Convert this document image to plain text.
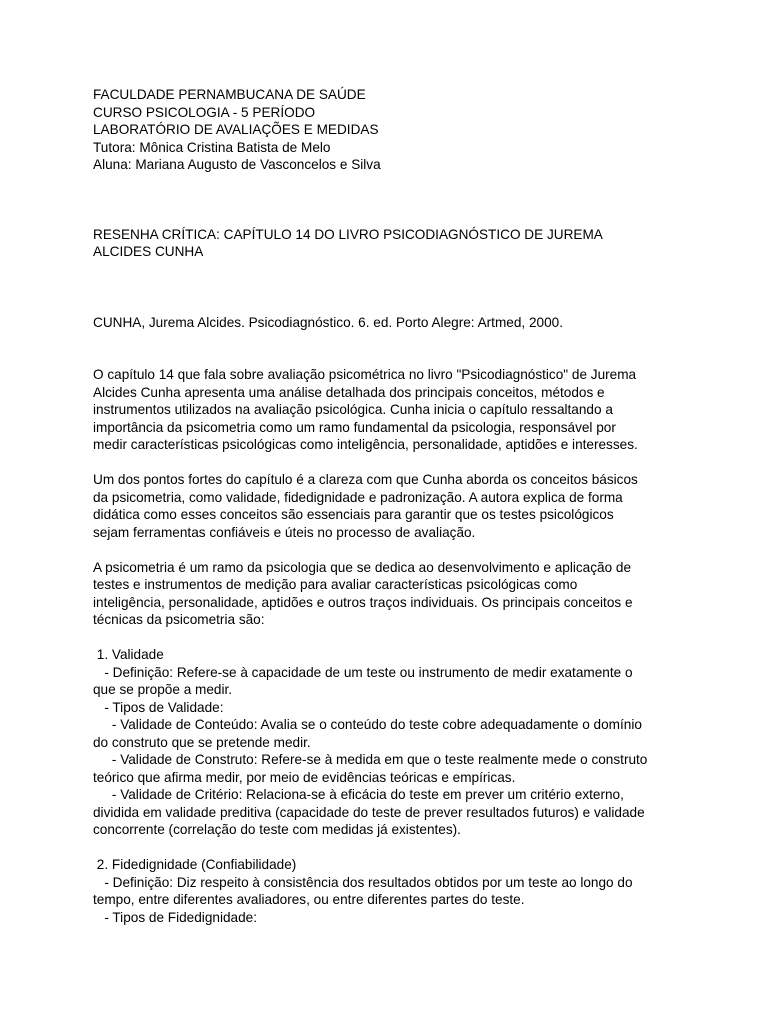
FACULDADE PERNAMBUCANA DE SAÚDE
CURSO PSICOLOGIA - 5 PERÍODO
LABORATÓRIO DE AVALIAÇÕES E MEDIDAS
Tutora: Mônica Cristina Batista de Melo
Aluna: Mariana Augusto de Vasconcelos e Silva
RESENHA CRÍTICA: CAPÍTULO 14 DO LIVRO PSICODIAGNÓSTICO DE JUREMA
ALCIDES CUNHA
CUNHA, Jurema Alcides. Psicodiagnóstico. 6. ed. Porto Alegre: Artmed, 2000.
O capítulo 14 que fala sobre avaliação psicométrica no livro "Psicodiagnóstico" de Jurema
Alcides Cunha apresenta uma análise detalhada dos principais conceitos, métodos e
instrumentos utilizados na avaliação psicológica. Cunha inicia o capítulo ressaltando a
importância da psicometria como um ramo fundamental da psicologia, responsável por
medir características psicológicas como inteligência, personalidade, aptidões e interesses.
Um dos pontos fortes do capítulo é a clareza com que Cunha aborda os conceitos básicos
da psicometria, como validade, fidedignidade e padronização. A autora explica de forma
didática como esses conceitos são essenciais para garantir que os testes psicológicos
sejam ferramentas confiáveis e úteis no processo de avaliação.
A psicometria é um ramo da psicologia que se dedica ao desenvolvimento e aplicação de
testes e instrumentos de medição para avaliar características psicológicas como
inteligência, personalidade, aptidões e outros traços individuais. Os principais conceitos e
técnicas da psicometria são:
1. Validade
- Definição: Refere-se à capacidade de um teste ou instrumento de medir exatamente o
que se propõe a medir.
- Tipos de Validade:
- Validade de Conteúdo: Avalia se o conteúdo do teste cobre adequadamente o domínio
do construto que se pretende medir.
- Validade de Construto: Refere-se à medida em que o teste realmente mede o construto
teórico que afirma medir, por meio de evidências teóricas e empíricas.
- Validade de Critério: Relaciona-se à eficácia do teste em prever um critério externo,
dividida em validade preditiva (capacidade do teste de prever resultados futuros) e validade
concorrente (correlação do teste com medidas já existentes).
2. Fidedignidade (Confiabilidade)
- Definição: Diz respeito à consistência dos resultados obtidos por um teste ao longo do
tempo, entre diferentes avaliadores, ou entre diferentes partes do teste.
- Tipos de Fidedignidade:
